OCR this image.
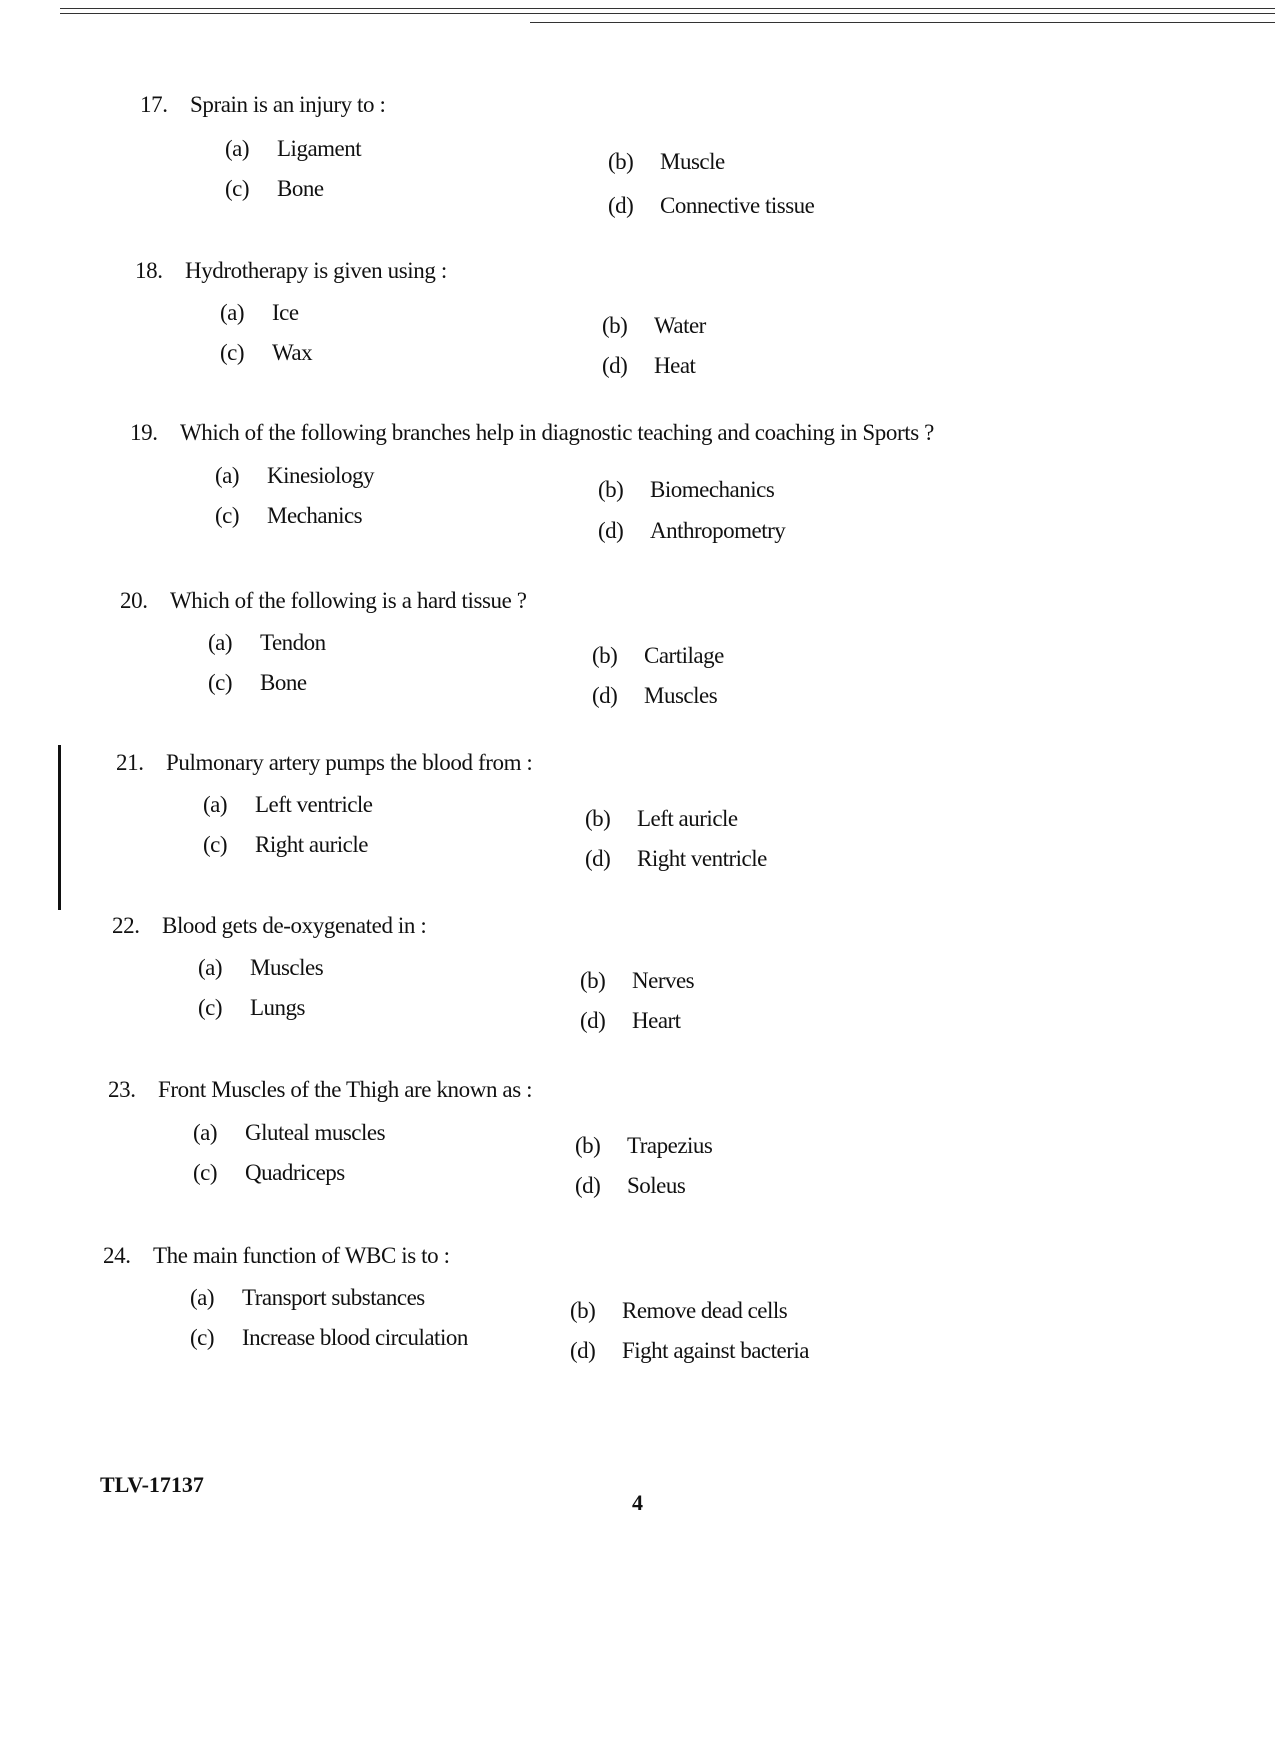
17. Sprain is an injury to :
(a) Ligament
(b) Muscle
(c) Bone
(d) Connective tissue
18. Hydrotherapy is given using :
(a) Ice
(b) Water
(c) Wax
(d) Heat
19. Which of the following branches help in diagnostic teaching and coaching in Sports ?
(a) Kinesiology
(b) Biomechanics
(c) Mechanics
(d) Anthropometry
20. Which of the following is a hard tissue ?
(a) Tendon
(b) Cartilage
(c) Bone
(d) Muscles
21. Pulmonary artery pumps the blood from :
(a) Left ventricle
(b) Left auricle
(c) Right auricle
(d) Right ventricle
22. Blood gets de-oxygenated in :
(a) Muscles
(b) Nerves
(c) Lungs
(d) Heart
23. Front Muscles of the Thigh are known as :
(a) Gluteal muscles
(b) Trapezius
(c) Quadriceps
(d) Soleus
24. The main function of WBC is to :
(a) Transport substances
(b) Remove dead cells
(c) Increase blood circulation
(d) Fight against bacteria
TLV-17137
4
